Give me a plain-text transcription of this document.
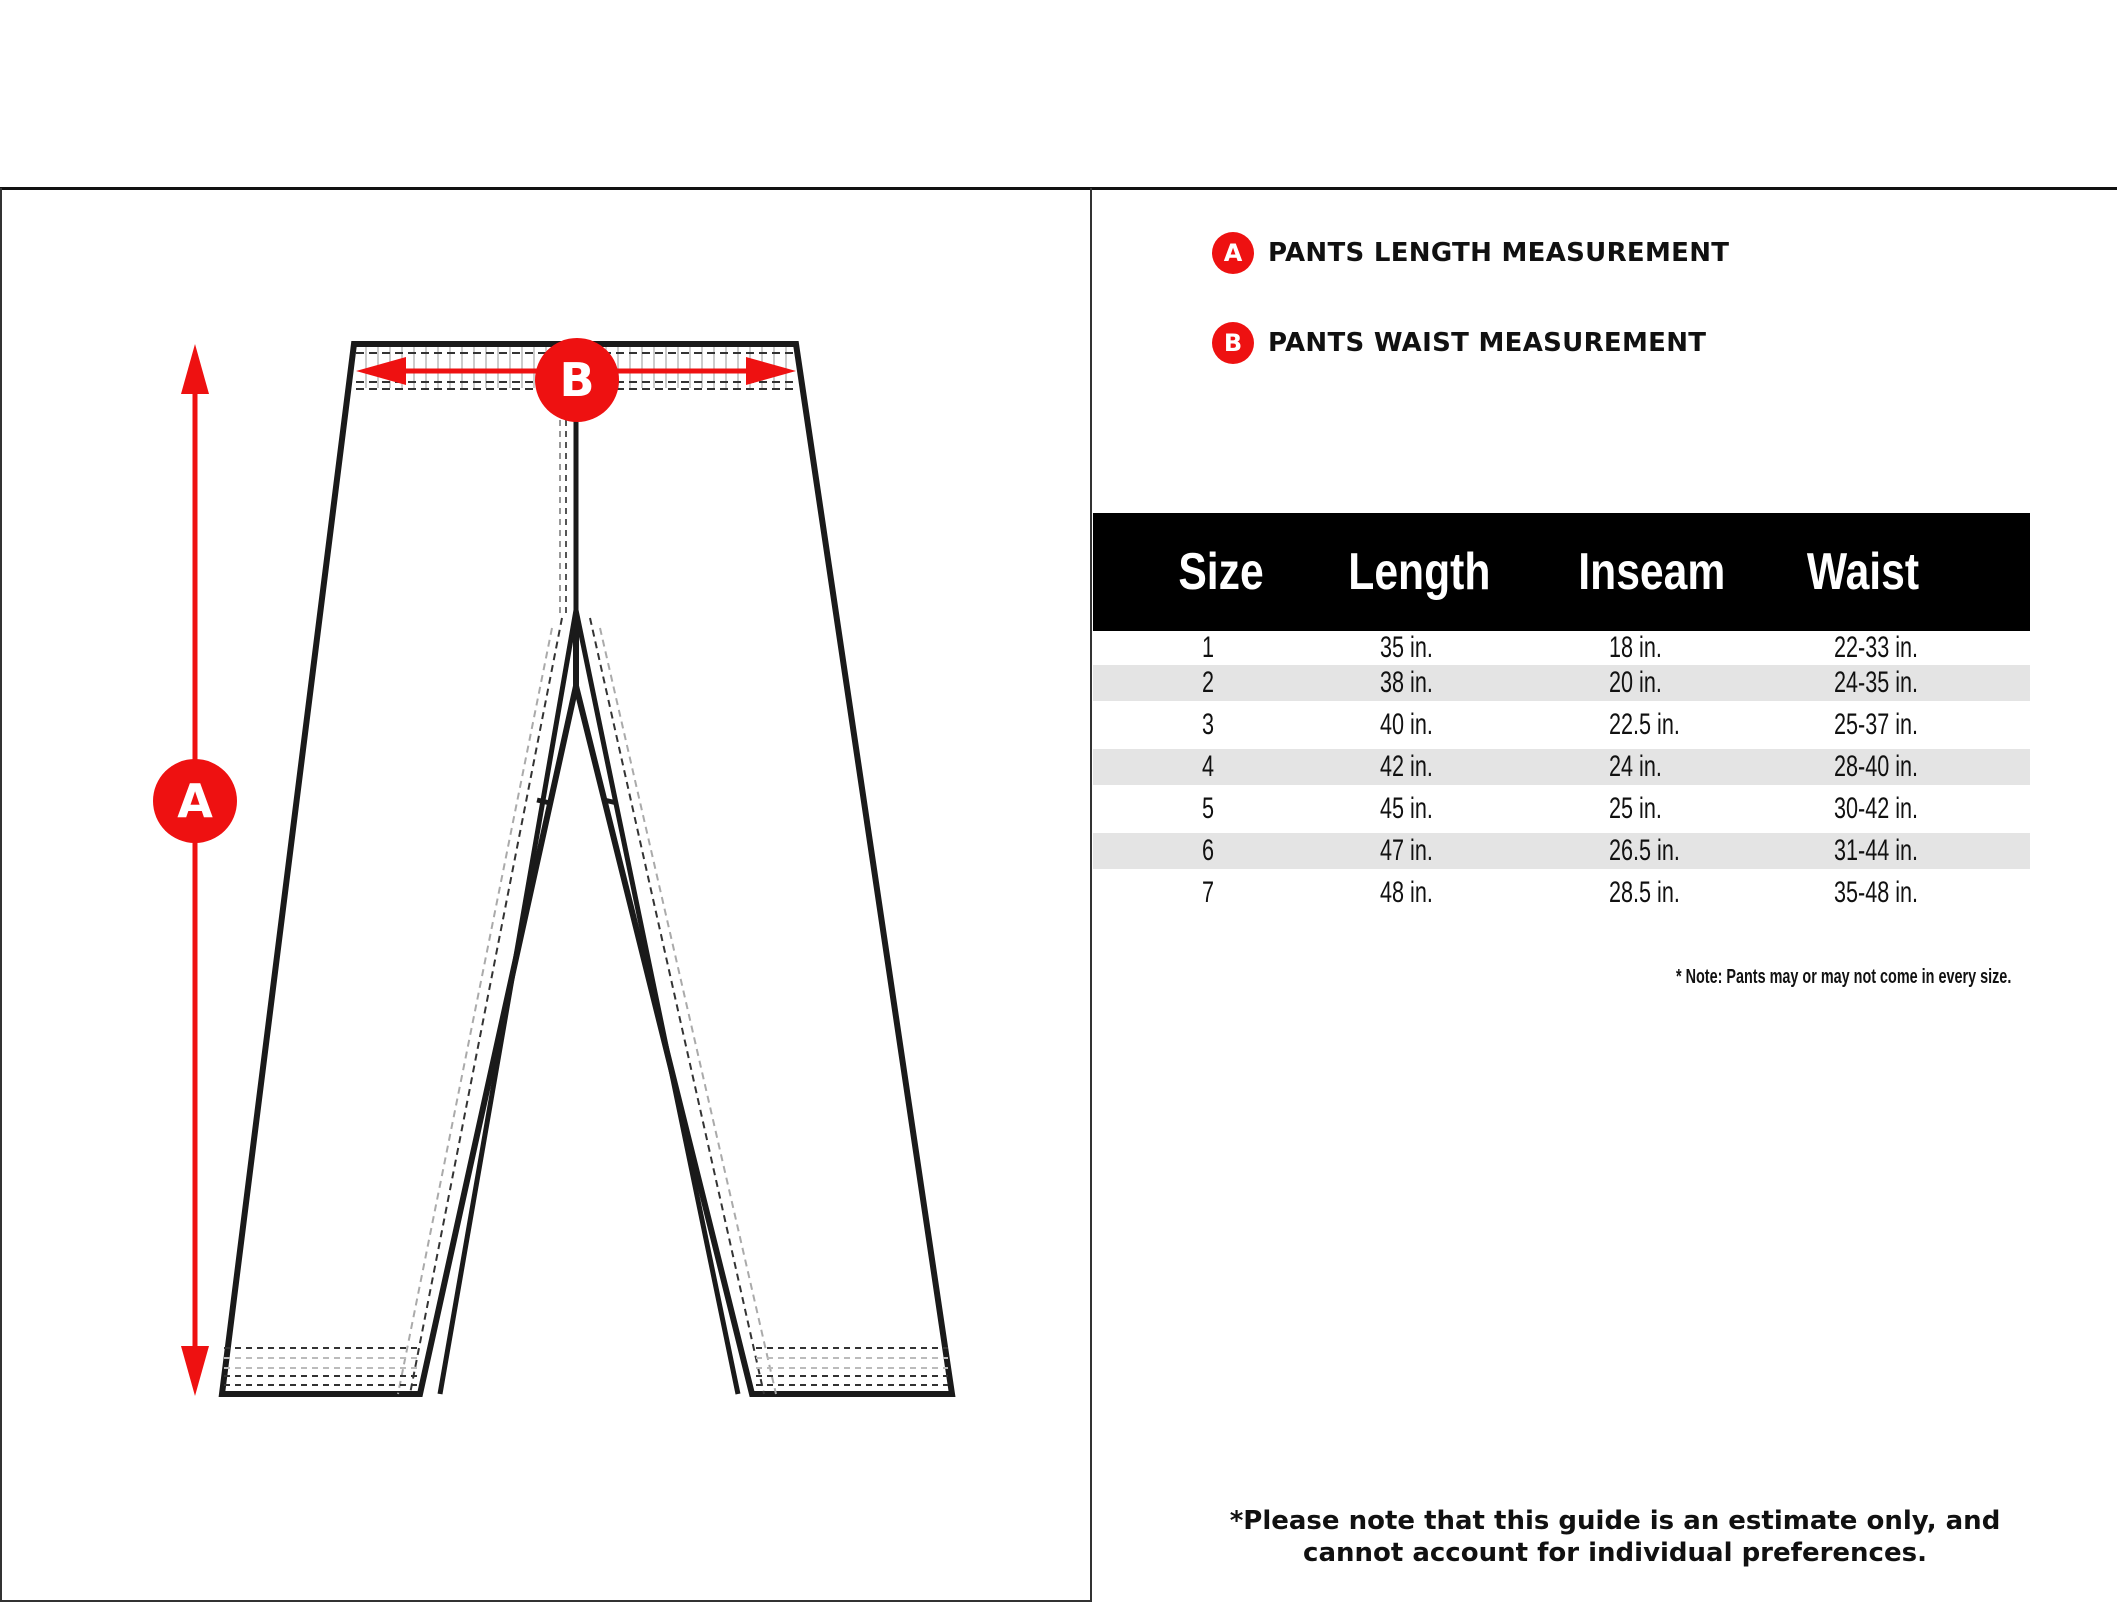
A
B
A PANTS LENGTH MEASUREMENT
B PANTS WAIST MEASUREMENT
Size Length Inseam Waist
1	35 in.	18 in.	22-33 in.
2	38 in.	20 in.	24-35 in.
3	40 in.	22.5 in.	25-37 in.
4	42 in.	24 in.	28-40 in.
5	45 in.	25 in.	30-42 in.
6	47 in.	26.5 in.	31-44 in.
7	48 in.	28.5 in.	35-48 in.
* Note: Pants may or may not come in every size.
*Please note that this guide is an estimate only, and
cannot account for individual preferences.
